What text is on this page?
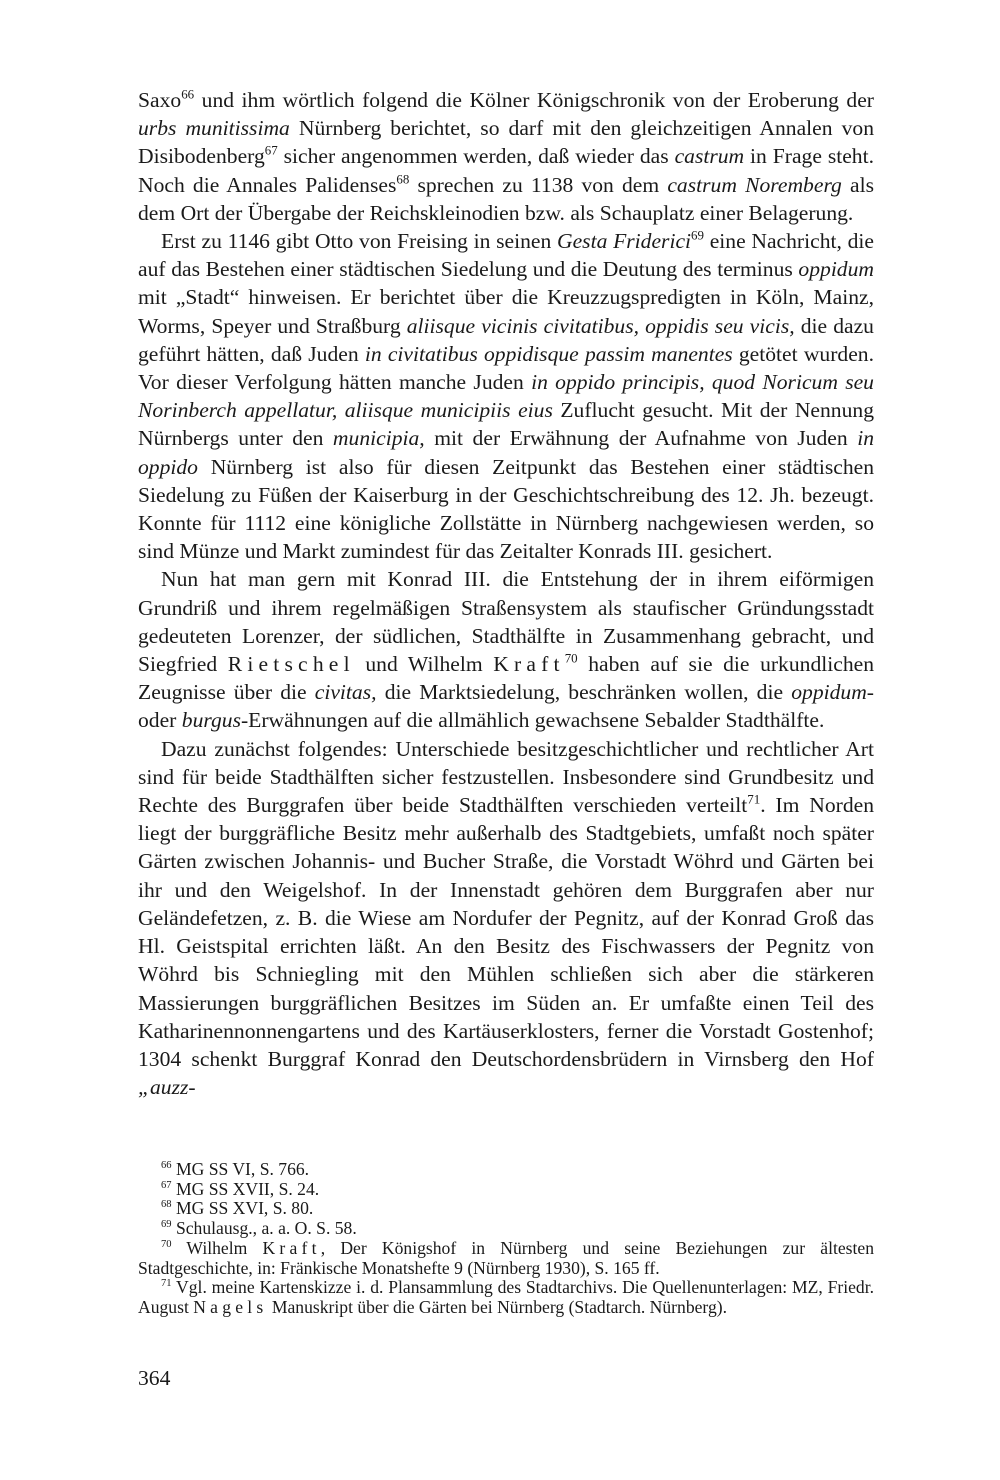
Saxo$^{66}$ und ihm wörtlich folgend die Kölner Königschronik von der Eroberung der urbs munitissima Nürnberg berichtet, so darf mit den gleichzeitigen Annalen von Disibodenberg$^{67}$ sicher angenommen werden, daß wieder das castrum in Frage steht. Noch die Annales Palidenses$^{68}$ sprechen zu 1138 von dem castrum Noremberg als dem Ort der Übergabe der Reichskleinodien bzw. als Schauplatz einer Belagerung.

Erst zu 1146 gibt Otto von Freising in seinen Gesta Friderici$^{69}$ eine Nachricht, die auf das Bestehen einer städtischen Siedelung und die Deutung des terminus oppidum mit „Stadt“ hinweisen. Er berichtet über die Kreuzzugspredigten in Köln, Mainz, Worms, Speyer und Straßburg aliisque vicinis civitatibus, oppidis seu vicis, die dazu geführt hätten, daß Juden in civitatibus oppidisque passim manentes getötet wurden. Vor dieser Verfolgung hätten manche Juden in oppido principis, quod Noricum seu Norinberch appellatur, aliisque municipiis eius Zuflucht gesucht. Mit der Nennung Nürnbergs unter den municipia, mit der Erwähnung der Aufnahme von Juden in oppido Nürnberg ist also für diesen Zeitpunkt das Bestehen einer städtischen Siedelung zu Füßen der Kaiserburg in der Geschichtschreibung des 12. Jh. bezeugt. Konnte für 1112 eine königliche Zollstätte in Nürnberg nachgewiesen werden, so sind Münze und Markt zumindest für das Zeitalter Konrads III. gesichert.

Nun hat man gern mit Konrad III. die Entstehung der in ihrem eiförmigen Grundriß und ihrem regelmäßigen Straßensystem als staufischer Gründungsstadt gedeuteten Lorenzer, der südlichen, Stadthälfte in Zusammenhang gebracht, und Siegfried Rietschel und Wilhelm Kraft$^{70}$ haben auf sie die urkundlichen Zeugnisse über die civitas, die Marktsiedelung, beschränken wollen, die oppidum- oder burgus-Erwähnungen auf die allmählich gewachsene Sebalder Stadthälfte.

Dazu zunächst folgendes: Unterschiede besitzgeschichtlicher und rechtlicher Art sind für beide Stadthälften sicher festzustellen. Insbesondere sind Grundbesitz und Rechte des Burggrafen über beide Stadthälften verschieden verteilt$^{71}$. Im Norden liegt der burggräfliche Besitz mehr außerhalb des Stadtgebiets, umfaßt noch später Gärten zwischen Johannis- und Bucher Straße, die Vorstadt Wöhrd und Gärten bei ihr und den Weigelshof. In der Innenstadt gehören dem Burggrafen aber nur Geländefetzen, z. B. die Wiese am Nordufer der Pegnitz, auf der Konrad Groß das Hl. Geistspital errichten läßt. An den Besitz des Fischwassers der Pegnitz von Wöhrd bis Schniegling mit den Mühlen schließen sich aber die stärkeren Massierungen burggräflichen Besitzes im Süden an. Er umfaßte einen Teil des Katharinennonnengartens und des Kartäuserklosters, ferner die Vorstadt Gostenhof; 1304 schenkt Burggraf Konrad den Deutschordensbrüdern in Virnsberg den Hof „auzz-

$^{66}$ MG SS VI, S. 766.

$^{67}$ MG SS XVII, S. 24.

$^{68}$ MG SS XVI, S. 80.

$^{69}$ Schulausg., a. a. O. S. 58.

$^{70}$ Wilhelm Kraft, Der Königshof in Nürnberg und seine Beziehungen zur ältesten Stadtgeschichte, in: Fränkische Monatshefte 9 (Nürnberg 1930), S. 165 ff.

$^{71}$ Vgl. meine Kartenskizze i. d. Plansammlung des Stadtarchivs. Die Quellenunterlagen: MZ, Friedr. August Nagels Manuskript über die Gärten bei Nürnberg (Stadtarch. Nürnberg).

364
